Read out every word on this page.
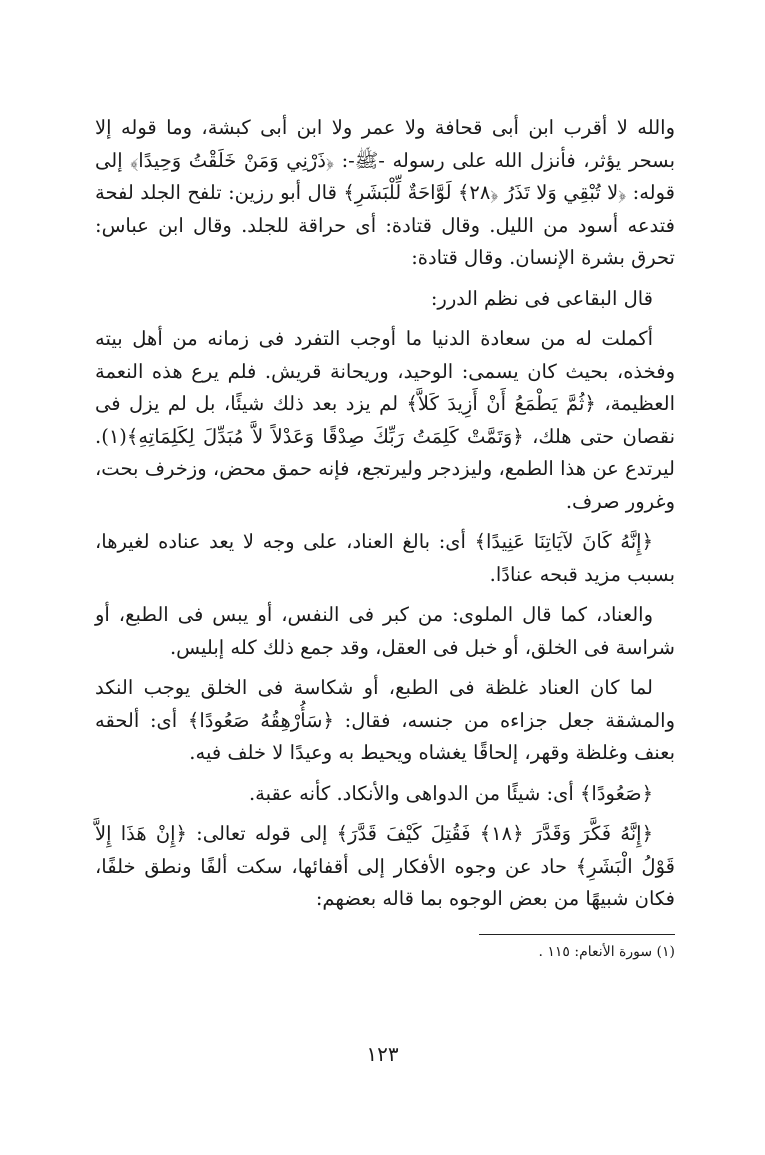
والله لا أقرب ابن أبى قحافة ولا عمر ولا ابن أبى كبشة، وما قوله إلا بسحر يؤثر، فأنزل الله على رسوله -ﷺ-: ﴿ذَرْنِي وَمَنْ خَلَقْتُ وَحِيدًا﴾ إلى قوله: ﴿لا تُبْقِي وَلا تَذَرُ ﴿٢٨﴾ لَوَّاحَةٌ لِّلْبَشَرِ﴾ قال أبو رزين: تلفح الجلد لفحة فتدعه أسود من الليل. وقال قتادة: أى حراقة للجلد. وقال ابن عباس: تحرق بشرة الإنسان. وقال قتادة:

قال البقاعى فى نظم الدرر:

أكملت له من سعادة الدنيا ما أوجب التفرد فى زمانه من أهل بيته وفخذه، بحيث كان يسمى: الوحيد، وريحانة قريش. فلم يرع هذه النعمة العظيمة، ﴿ثُمَّ يَطْمَعُ أَنْ أَزِيدَ كَلاَّ﴾ لم يزد بعد ذلك شيئًا، بل لم يزل فى نقصان حتى هلك، ﴿وَتَمَّتْ كَلِمَتُ رَبِّكَ صِدْقًا وَعَدْلاً لاَّ مُبَدِّلَ لِكَلِمَاتِهِ﴾(١). ليرتدع عن هذا الطمع، وليزدجر وليرتجع، فإنه حمق محض، وزخرف بحت، وغرور صرف.

﴿إِنَّهُ كَانَ لآيَاتِنَا عَنِيدًا﴾ أى: بالغ العناد، على وجه لا يعد عناده لغيرها، بسبب مزيد قبحه عنادًا.

والعناد، كما قال الملوى: من كبر فى النفس، أو يبس فى الطبع، أو شراسة فى الخلق، أو خبل فى العقل، وقد جمع ذلك كله إبليس.

لما كان العناد غلظة فى الطبع، أو شكاسة فى الخلق يوجب النكد والمشقة جعل جزاءه من جنسه، فقال: ﴿سَأُرْهِقُهُ صَعُودًا﴾ أى: ألحقه بعنف وغلظة وقهر، إلحاقًا يغشاه ويحيط به وعيدًا لا خلف فيه.

﴿صَعُودًا﴾ أى: شيئًا من الدواهى والأنكاد. كأنه عقبة.

﴿إِنَّهُ فَكَّرَ وَقَدَّرَ ﴿١٨﴾ فَقُتِلَ كَيْفَ قَدَّرَ﴾ إلى قوله تعالى: ﴿إِنْ هَذَا إِلاَّ قَوْلُ الْبَشَرِ﴾ حاد عن وجوه الأفكار إلى أقفائها، سكت ألفًا ونطق خلفًا، فكان شبيهًا من بعض الوجوه بما قاله بعضهم:

(١) سورة الأنعام: ١١٥ .
١٢٣
